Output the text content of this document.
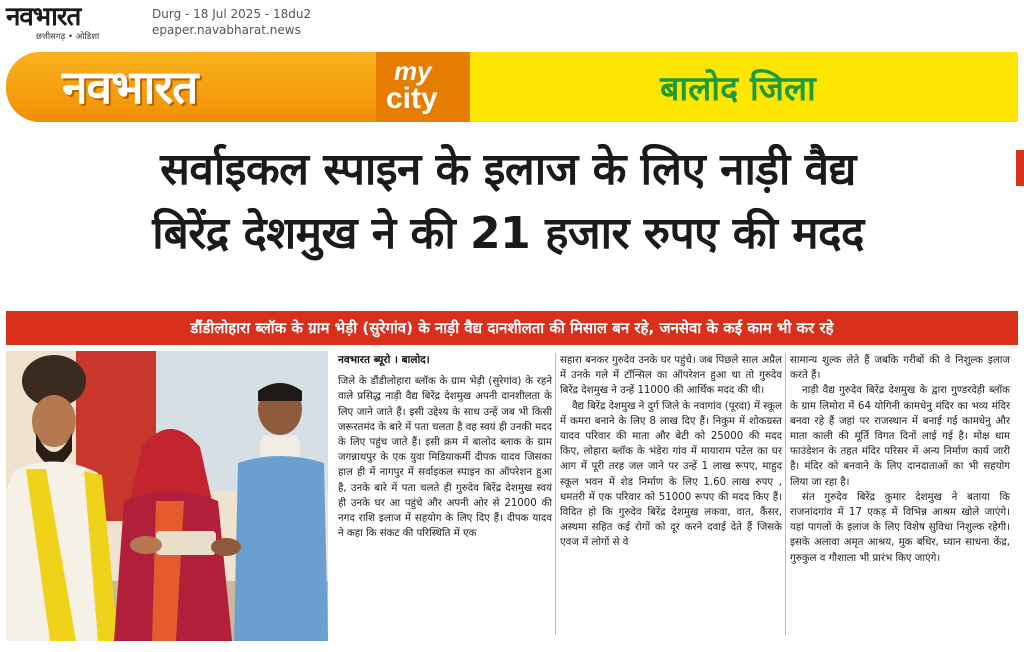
नवभारत
छत्तीसगढ़ • ओडिशा
Durg - 18 Jul 2025 - 18du2
epaper.navabharat.news
नवभारत	my
city	बालोद जिला
सर्वाइकल स्पाइन के इलाज के लिए नाड़ी वैद्य
बिरेंद्र देशमुख ने की 21 हजार रुपए की मदद
डौंडीलोहारा ब्लॉक के ग्राम भेड़ी (सुरेगांव) के नाड़ी वैद्य दानशीलता की मिसाल बन रहे, जनसेवा के कई काम भी कर रहे
नवभारत ब्यूरो । बालोद।

जिले के डौंडीलोहारा ब्लॉक के ग्राम भेड़ी (सुरेगांव) के रहने वाले प्रसिद्ध नाड़ी वैद्य बिरेंद्र देशमुख अपनी दानशीलता के लिए जाने जाते हैं। इसी उद्देश्य के साथ उन्हें जब भी किसी जरूरतमंद के बारे में पता चलता है वह स्वयं ही उनकी मदद के लिए पहुंच जाते हैं। इसी क्रम में बालोद ब्लाक के ग्राम जगन्नाथपुर के एक युवा मिडियाकर्मी दीपक यादव जिसका हाल ही में नागपुर में सर्वाइकल स्पाइन का ऑपरेशन हुआ है, उनके बारे में पता चलते ही गुरुदेव बिरेंद्र देशमुख स्वयं ही उनके घर आ पहुंचे और अपनी ओर से 21000 की नगद राशि इलाज में सहयोग के लिए दिए हैं। दीपक यादव ने कहा कि संकट की परिस्थिति में एक

सहारा बनकर गुरुदेव उनके घर पहुंचे। जब पिछले साल अप्रैल में उनके गले में टॉन्सिल का ऑपरेशन हुआ था तो गुरुदेव बिरेंद्र देशमुख ने उन्हें 11000 की आर्थिक मदद की थी।

वैद्य बिरेंद्र देशमुख ने दुर्ग जिले के नवागांव (पूरदा) में स्कूल में कमरा बनाने के लिए 8 लाख दिए हैं। निकुम में शोकग्रस्त यादव परिवार की माता और बेटी को 25000 की मदद किए, लोहारा ब्लॉक के भंडेरा गांव में मायाराम पटेल का घर आग में पूरी तरह जल जाने पर उन्हें 1 लाख रूपए, माहुद स्कूल भवन में शेड निर्माण के लिए 1.60 लाख रुपए , धमतरी में एक परिवार को 51000 रूपए की मदद किए हैं। विदित हो कि गुरुदेव बिरेंद्र देशमुख लकवा, वात, कैंसर, अस्थमा सहित कई रोगों को दूर करने दवाई देते हैं जिसके एवज में लोगों से वे

सामान्य शुल्क लेते हैं जबकि गरीबों की वे निशुल्क इलाज करते हैं।

नाड़ी वैद्य गुरुदेव बिरेंद्र देशमुख के द्वारा गुण्डरदेही ब्लॉक के ग्राम लिमोरा में 64 योगिनी कामधेनु मंदिर का भव्य मंदिर बनवा रहे हैं जहां पर राजस्थान में बनाई गई कामधेनु और माता काली की मूर्ति विगत दिनों लाई गई है। मोक्ष धाम फाउंडेशन के तहत मंदिर परिसर में अन्य निर्माण कार्य जारी है। मंदिर को बनवाने के लिए दानदाताओं का भी सहयोग लिया जा रहा है।

संत गुरुदेव बिरेंद्र कुमार देशमुख ने बताया कि राजनांदगांव में 17 एकड़ में विभिन्न आश्रम खोले जाएंगे। यहां पागलों के इलाज के लिए विशेष सुविधा निशुल्क रहेगी। इसके अलावा अमृत आश्रय, मुक बधिर, ध्यान साधना केंद्र, गुरुकुल व गौशाला भी प्रारंभ किए जाएंगे।
